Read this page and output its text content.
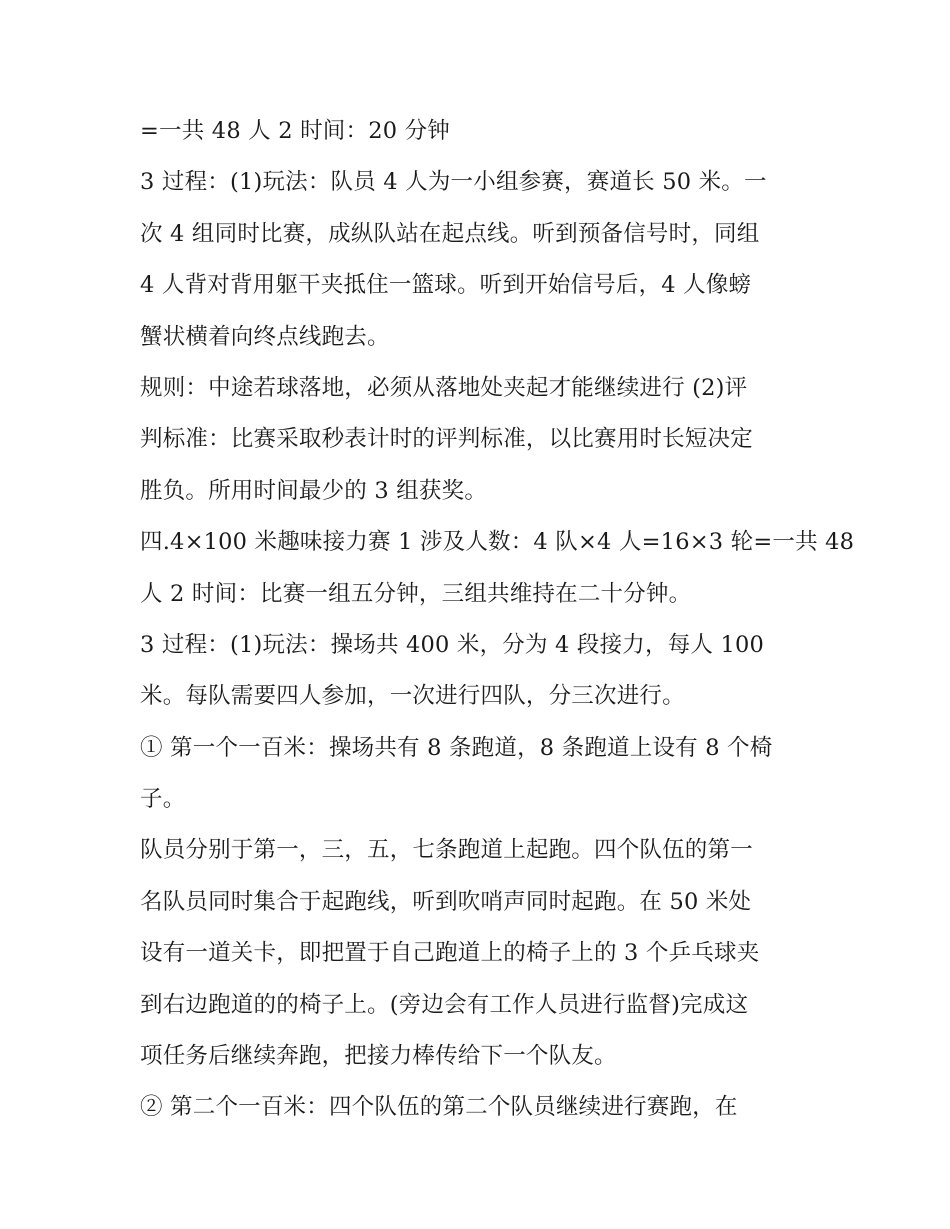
=一共 48 人 2 时间：20 分钟
3 过程：(1)玩法：队员 4 人为一小组参赛，赛道长 50 米。一
次 4 组同时比赛，成纵队站在起点线。听到预备信号时，同组
4 人背对背用躯干夹抵住一篮球。听到开始信号后，4 人像螃
蟹状横着向终点线跑去。
规则：中途若球落地，必须从落地处夹起才能继续进行 (2)评
判标准：比赛采取秒表计时的评判标准，以比赛用时长短决定
胜负。所用时间最少的 3 组获奖。
四.4×100 米趣味接力赛 1 涉及人数：4 队×4 人=16×3 轮=一共 48
人 2 时间：比赛一组五分钟，三组共维持在二十分钟。
3 过程：(1)玩法：操场共 400 米，分为 4 段接力，每人 100
米。每队需要四人参加，一次进行四队，分三次进行。
① 第一个一百米：操场共有 8 条跑道，8 条跑道上设有 8 个椅
子。
队员分别于第一，三，五，七条跑道上起跑。四个队伍的第一
名队员同时集合于起跑线，听到吹哨声同时起跑。在 50 米处
设有一道关卡，即把置于自己跑道上的椅子上的 3 个乒乓球夹
到右边跑道的的椅子上。(旁边会有工作人员进行监督)完成这
项任务后继续奔跑，把接力棒传给下一个队友。
② 第二个一百米：四个队伍的第二个队员继续进行赛跑，在
